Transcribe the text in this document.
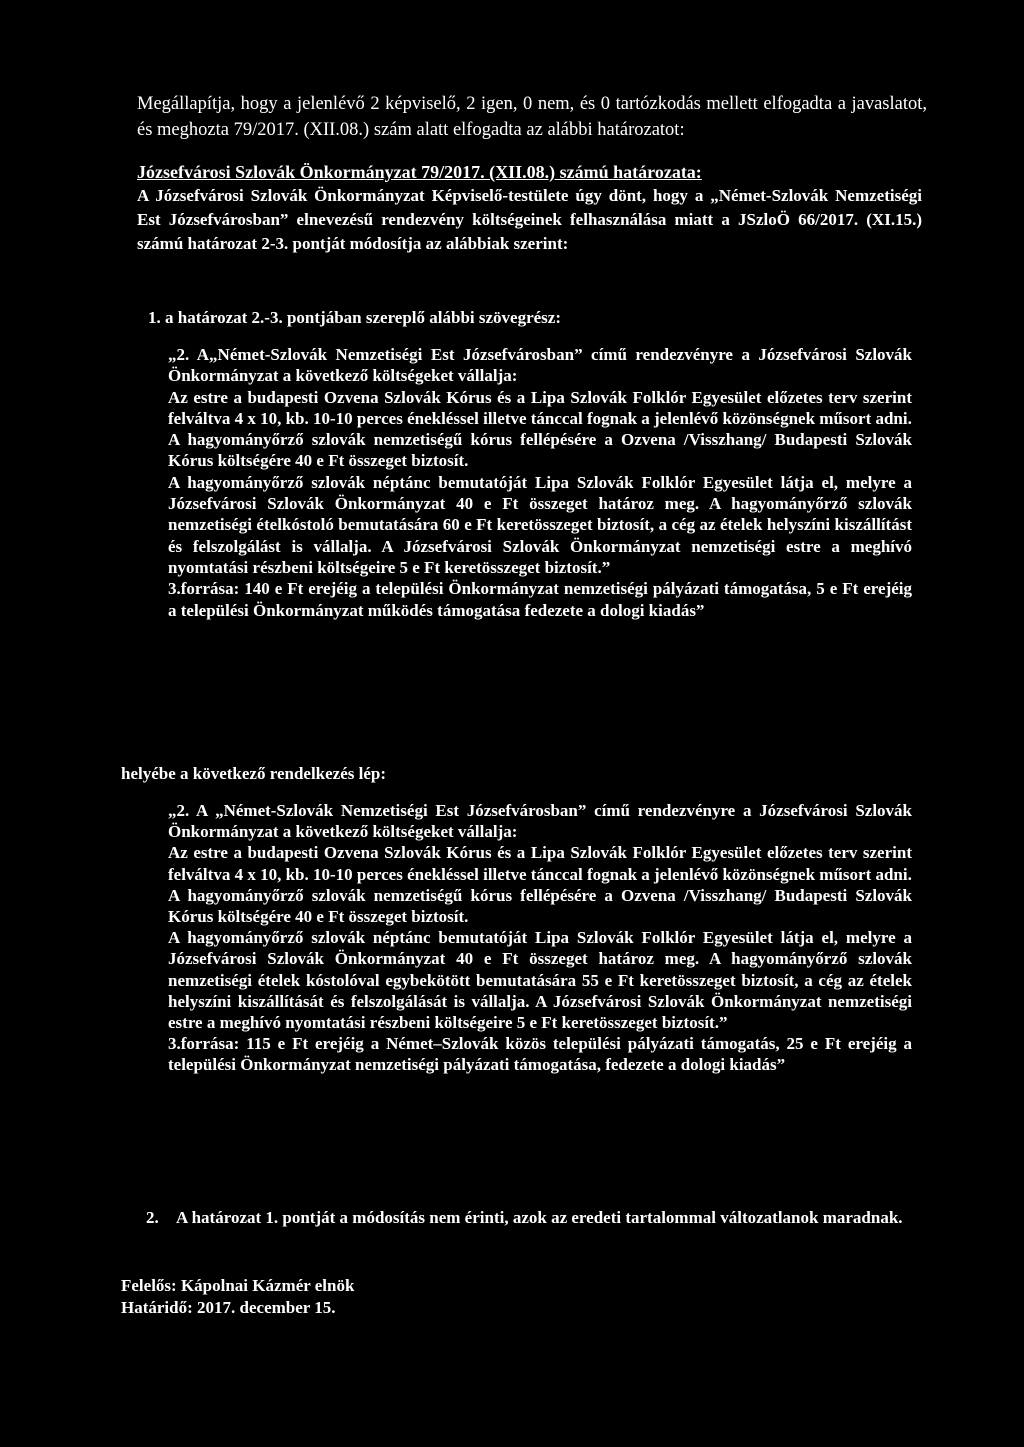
Megállapítja, hogy a jelenlévő 2 képviselő, 2 igen, 0 nem, és 0 tartózkodás mellett elfogadta a javaslatot, és meghozta 79/2017. (XII.08.) szám alatt elfogadta az alábbi határozatot:
Józsefvárosi Szlovák Önkormányzat 79/2017. (XII.08.) számú határozata:
A Józsefvárosi Szlovák Önkormányzat Képviselő-testülete úgy dönt, hogy a „Német-Szlovák Nemzetiségi Est Józsefvárosban” elnevezésű rendezvény költségeinek felhasználása miatt a JSzloÖ 66/2017. (XI.15.) számú határozat 2-3. pontját módosítja az alábbiak szerint:
1. a határozat 2.-3. pontjában szereplő alábbi szövegrész:

„2. A„Német-Szlovák Nemzetiségi Est Józsefvárosban” című rendezvényre a Józsefvárosi Szlovák Önkormányzat a következő költségeket vállalja:

Az estre a budapesti Ozvena Szlovák Kórus és a Lipa Szlovák Folklór Egyesület előzetes terv szerint felváltva 4 x 10, kb. 10-10 perces énekléssel illetve tánccal fognak a jelenlévő közönségnek műsort adni.

A hagyományőrző szlovák nemzetiségű kórus fellépésére a Ozvena /Visszhang/ Budapesti Szlovák Kórus költségére 40 e Ft összeget biztosít.

A hagyományőrző szlovák néptánc bemutatóját Lipa Szlovák Folklór Egyesület látja el, melyre a Józsefvárosi Szlovák Önkormányzat 40 e Ft összeget határoz meg. A hagyományőrző szlovák nemzetiségi ételkóstoló bemutatására 60 e Ft keretösszeget biztosít, a cég az ételek helyszíni kiszállítást és felszolgálást is vállalja. A Józsefvárosi Szlovák Önkormányzat nemzetiségi estre a meghívó nyomtatási részbeni költségeire 5 e Ft keretösszeget biztosít.”

3.forrása: 140 e Ft erejéig a települési Önkormányzat nemzetiségi pályázati támogatása, 5 e Ft erejéig a települési Önkormányzat működés támogatása fedezete a dologi kiadás”

helyébe a következő rendelkezés lép:

„2. A „Német-Szlovák Nemzetiségi Est Józsefvárosban” című rendezvényre a Józsefvárosi Szlovák Önkormányzat a következő költségeket vállalja:

Az estre a budapesti Ozvena Szlovák Kórus és a Lipa Szlovák Folklór Egyesület előzetes terv szerint felváltva 4 x 10, kb. 10-10 perces énekléssel illetve tánccal fognak a jelenlévő közönségnek műsort adni.

A hagyományőrző szlovák nemzetiségű kórus fellépésére a Ozvena /Visszhang/ Budapesti Szlovák Kórus költségére 40 e Ft összeget biztosít.

A hagyományőrző szlovák néptánc bemutatóját Lipa Szlovák Folklór Egyesület látja el, melyre a Józsefvárosi Szlovák Önkormányzat 40 e Ft összeget határoz meg. A hagyományőrző szlovák nemzetiségi ételek kóstolóval egybekötött bemutatására 55 e Ft keretösszeget biztosít, a cég az ételek helyszíni kiszállítását és felszolgálását is vállalja. A Józsefvárosi Szlovák Önkormányzat nemzetiségi estre a meghívó nyomtatási részbeni költségeire 5 e Ft keretösszeget biztosít.”

3.forrása: 115 e Ft erejéig a Német–Szlovák közös települési pályázati támogatás, 25 e Ft erejéig a települési Önkormányzat nemzetiségi pályázati támogatása, fedezete a dologi kiadás”

2. A határozat 1. pontját a módosítás nem érinti, azok az eredeti tartalommal változatlanok maradnak.
Felelős: Kápolnai Kázmér elnök
Határidő: 2017. december 15.
